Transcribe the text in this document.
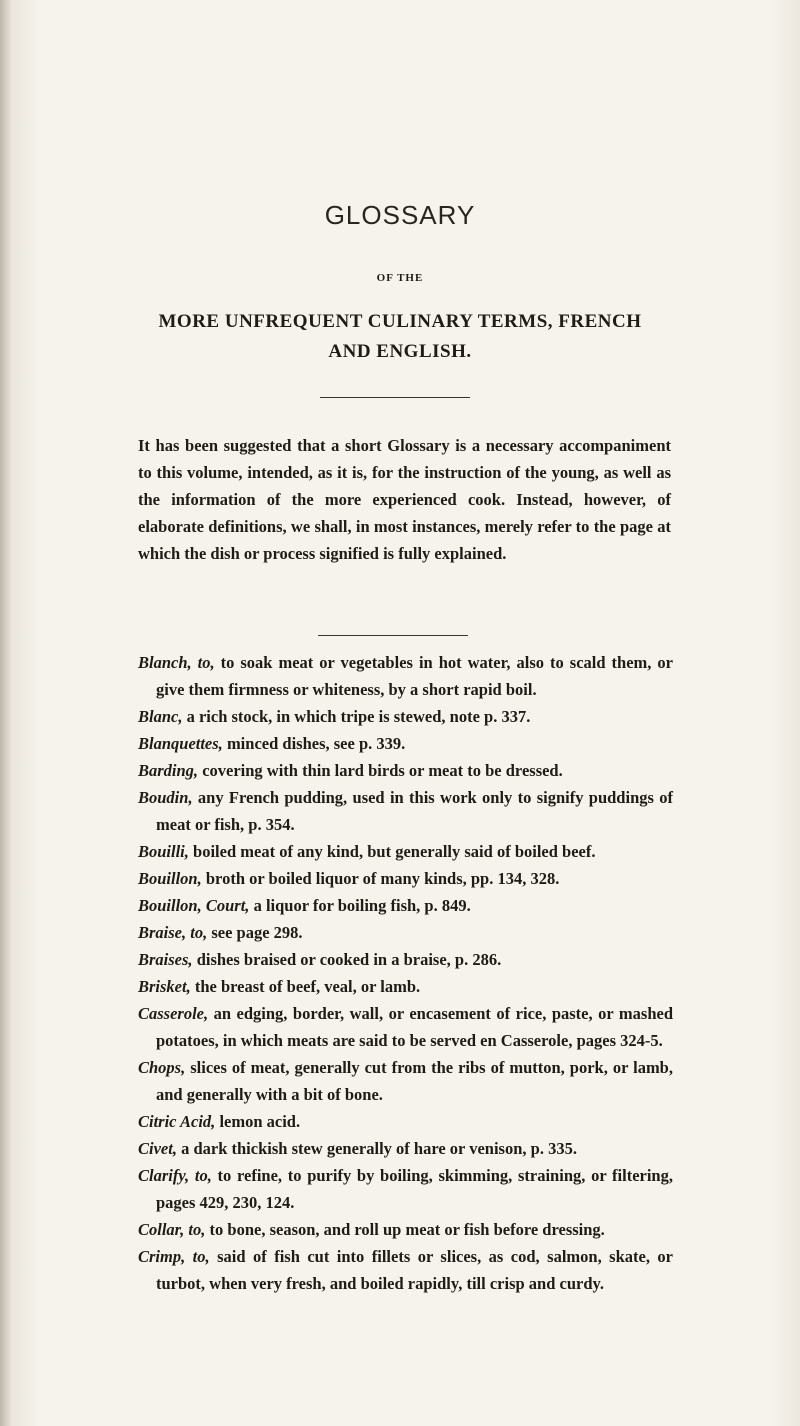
GLOSSARY
OF THE
MORE UNFREQUENT CULINARY TERMS, FRENCH
AND ENGLISH.

It has been suggested that a short Glossary is a necessary accompaniment to this volume, intended, as it is, for the instruction of the young, as well as the information of the more experienced cook. Instead, however, of elaborate definitions, we shall, in most instances, merely refer to the page at which the dish or process signified is fully explained.

Blanch, to, to soak meat or vegetables in hot water, also to scald them, or give them firmness or whiteness, by a short rapid boil.

Blanc, a rich stock, in which tripe is stewed, note p. 337.

Blanquettes, minced dishes, see p. 339.

Barding, covering with thin lard birds or meat to be dressed.

Boudin, any French pudding, used in this work only to signify puddings of meat or fish, p. 354.

Bouilli, boiled meat of any kind, but generally said of boiled beef.

Bouillon, broth or boiled liquor of many kinds, pp. 134, 328.

Bouillon, Court, a liquor for boiling fish, p. 849.

Braise, to, see page 298.

Braises, dishes braised or cooked in a braise, p. 286.

Brisket, the breast of beef, veal, or lamb.

Casserole, an edging, border, wall, or encasement of rice, paste, or mashed potatoes, in which meats are said to be served en Casserole, pages 324-5.

Chops, slices of meat, generally cut from the ribs of mutton, pork, or lamb, and generally with a bit of bone.

Citric Acid, lemon acid.

Civet, a dark thickish stew generally of hare or venison, p. 335.

Clarify, to, to refine, to purify by boiling, skimming, straining, or filtering, pages 429, 230, 124.

Collar, to, to bone, season, and roll up meat or fish before dressing.

Crimp, to, said of fish cut into fillets or slices, as cod, salmon, skate, or turbot, when very fresh, and boiled rapidly, till crisp and curdy.
